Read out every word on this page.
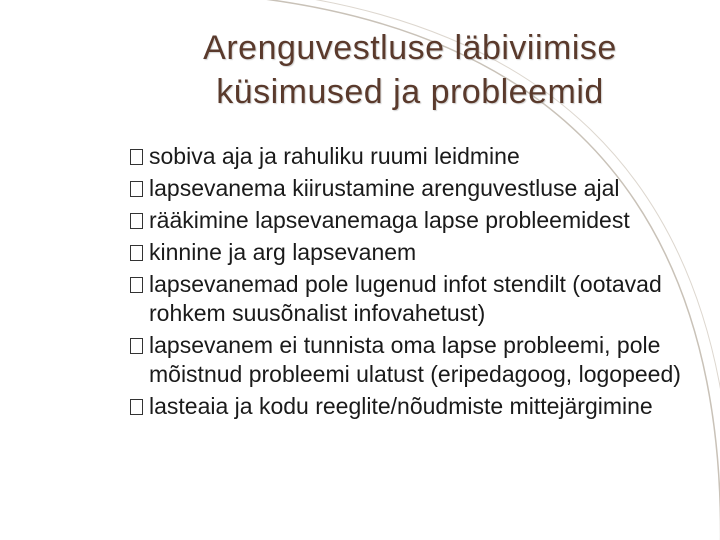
Arenguvestluse läbiviimise
küsimused ja probleemid
sobiva aja ja rahuliku ruumi leidmine
lapsevanema kiirustamine arenguvestluse ajal
rääkimine lapsevanemaga lapse probleemidest
kinnine ja arg lapsevanem
lapsevanemad pole lugenud infot stendilt (ootavad rohkem suusõnalist infovahetust)
lapsevanem ei tunnista oma lapse probleemi, pole mõistnud probleemi ulatust (eripedagoog, logopeed)
lasteaia ja kodu reeglite/nõudmiste mittejärgimine
